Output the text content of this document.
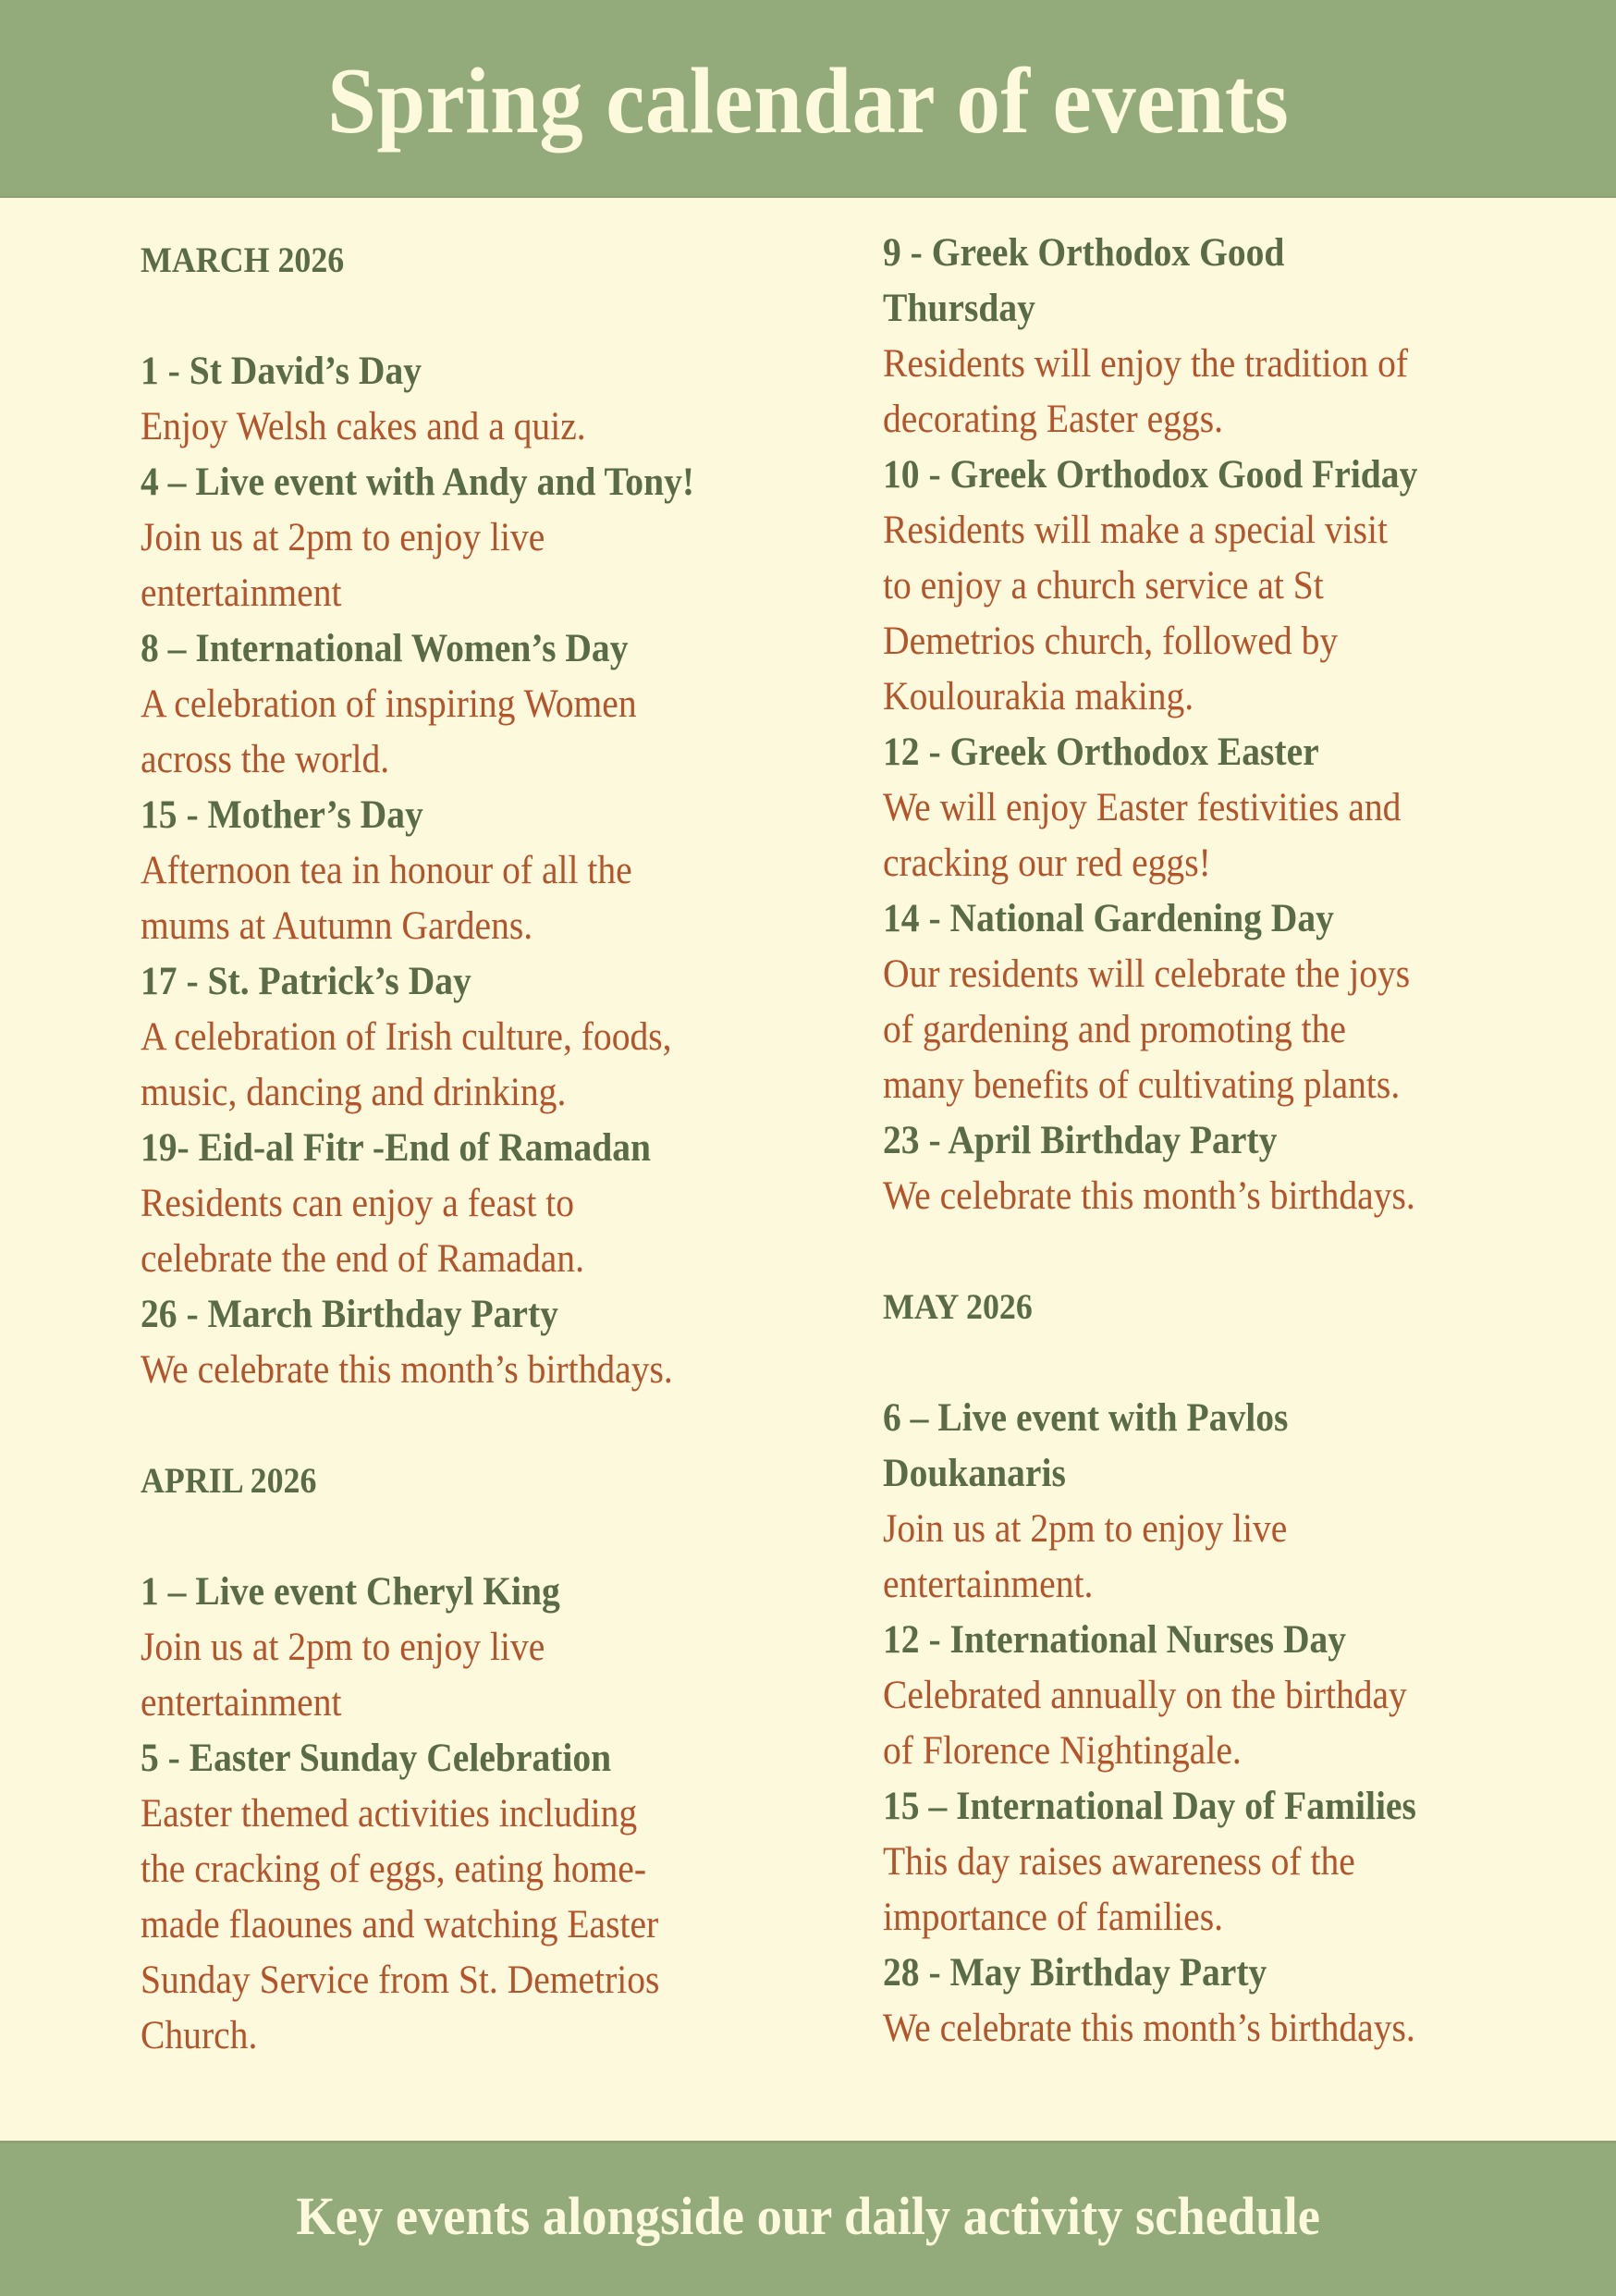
Spring calendar of events
MARCH 2026
1 - St David’s Day
Enjoy Welsh cakes and a quiz.
4 – Live event with Andy and Tony!
Join us at 2pm to enjoy live
entertainment
8 – International Women’s Day
A celebration of inspiring Women
across the world.
15 - Mother’s Day
Afternoon tea in honour of all the
mums at Autumn Gardens.
17 - St. Patrick’s Day
A celebration of Irish culture, foods,
music, dancing and drinking.
19- Eid-al Fitr -End of Ramadan
Residents can enjoy a feast to
celebrate the end of Ramadan.
26 - March Birthday Party
We celebrate this month’s birthdays.
APRIL 2026
1 – Live event Cheryl King
Join us at 2pm to enjoy live
entertainment
5 - Easter Sunday Celebration
Easter themed activities including
the cracking of eggs, eating home-
made flaounes and watching Easter
Sunday Service from St. Demetrios
Church.
9 - Greek Orthodox Good
Thursday
Residents will enjoy the tradition of
decorating Easter eggs.
10 - Greek Orthodox Good Friday
Residents will make a special visit
to enjoy a church service at St
Demetrios church, followed by
Koulourakia making.
12 - Greek Orthodox Easter
We will enjoy Easter festivities and
cracking our red eggs!
14 - National Gardening Day
Our residents will celebrate the joys
of gardening and promoting the
many benefits of cultivating plants.
23 - April Birthday Party
We celebrate this month’s birthdays.
MAY 2026
6 – Live event with Pavlos
Doukanaris
Join us at 2pm to enjoy live
entertainment.
12 - International Nurses Day
Celebrated annually on the birthday
of Florence Nightingale.
15 – International Day of Families
This day raises awareness of the
importance of families.
28 - May Birthday Party
We celebrate this month’s birthdays.
Key events alongside our daily activity schedule
